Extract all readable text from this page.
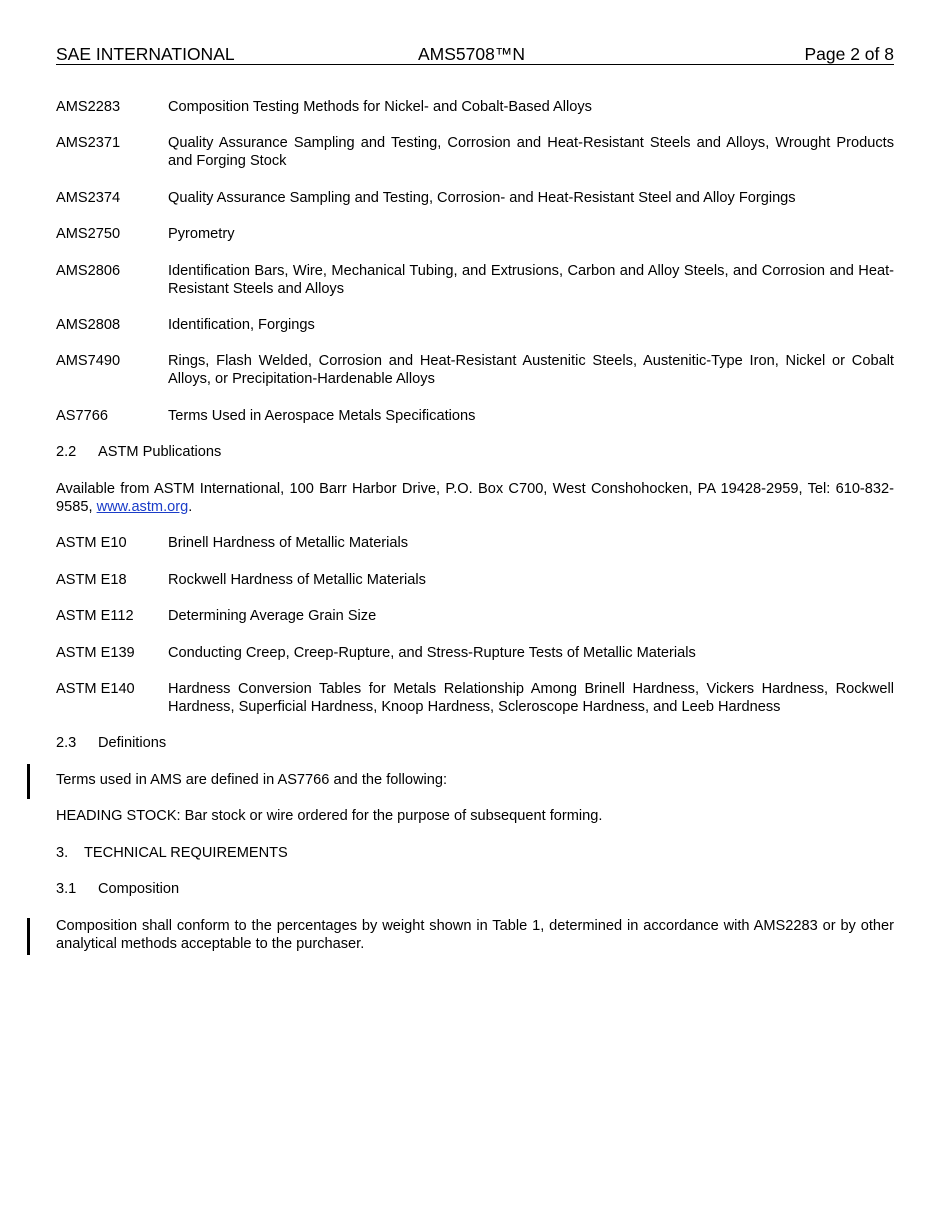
SAE INTERNATIONAL	AMS5708™N	Page 2 of 8
AMS2283	Composition Testing Methods for Nickel- and Cobalt-Based Alloys
AMS2371	Quality Assurance Sampling and Testing, Corrosion and Heat-Resistant Steels and Alloys, Wrought Products and Forging Stock
AMS2374	Quality Assurance Sampling and Testing, Corrosion- and Heat-Resistant Steel and Alloy Forgings
AMS2750	Pyrometry
AMS2806	Identification Bars, Wire, Mechanical Tubing, and Extrusions, Carbon and Alloy Steels, and Corrosion and Heat-Resistant Steels and Alloys
AMS2808	Identification, Forgings
AMS7490	Rings, Flash Welded, Corrosion and Heat-Resistant Austenitic Steels, Austenitic-Type Iron, Nickel or Cobalt Alloys, or Precipitation-Hardenable Alloys
AS7766	Terms Used in Aerospace Metals Specifications
2.2 ASTM Publications
Available from ASTM International, 100 Barr Harbor Drive, P.O. Box C700, West Conshohocken, PA 19428-2959, Tel: 610-832-9585, www.astm.org.
ASTM E10	Brinell Hardness of Metallic Materials
ASTM E18	Rockwell Hardness of Metallic Materials
ASTM E112	Determining Average Grain Size
ASTM E139	Conducting Creep, Creep-Rupture, and Stress-Rupture Tests of Metallic Materials
ASTM E140	Hardness Conversion Tables for Metals Relationship Among Brinell Hardness, Vickers Hardness, Rockwell Hardness, Superficial Hardness, Knoop Hardness, Scleroscope Hardness, and Leeb Hardness
2.3 Definitions
Terms used in AMS are defined in AS7766 and the following:
HEADING STOCK: Bar stock or wire ordered for the purpose of subsequent forming.
3. TECHNICAL REQUIREMENTS
3.1 Composition
Composition shall conform to the percentages by weight shown in Table 1, determined in accordance with AMS2283 or by other analytical methods acceptable to the purchaser.
